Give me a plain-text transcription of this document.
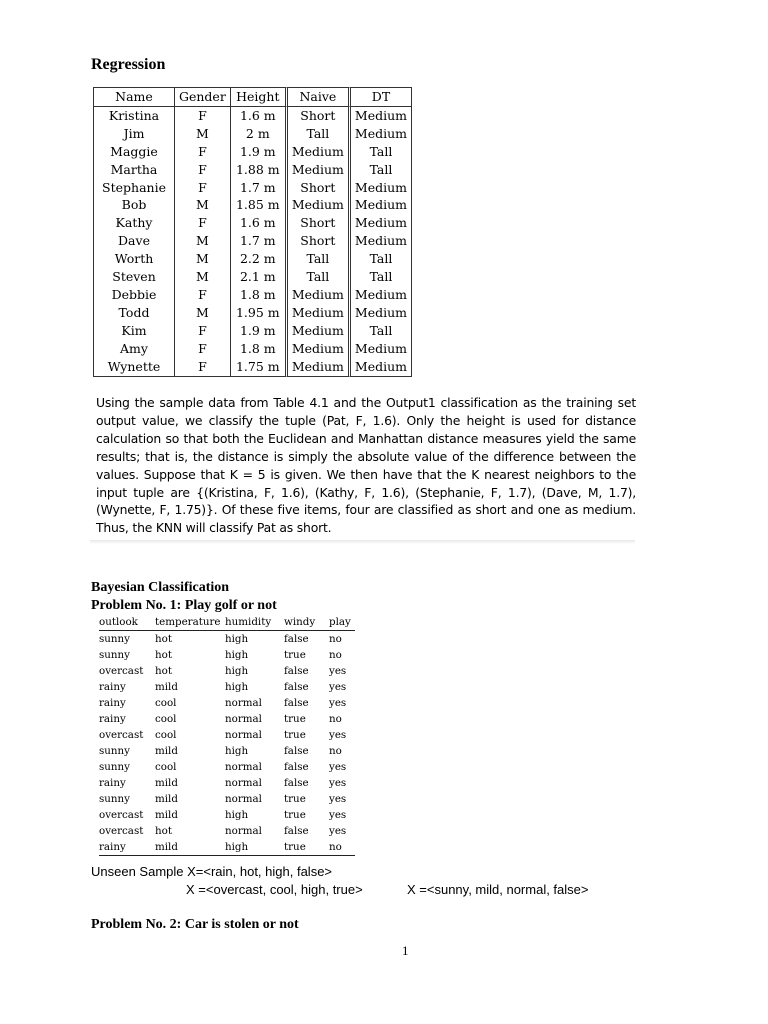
Regression
Name	Gender	Height	Naive	DT
Kristina	F	1.6 m	Short	Medium
Jim	M	2 m	Tall	Medium
Maggie	F	1.9 m	Medium	Tall
Martha	F	1.88 m	Medium	Tall
Stephanie	F	1.7 m	Short	Medium
Bob	M	1.85 m	Medium	Medium
Kathy	F	1.6 m	Short	Medium
Dave	M	1.7 m	Short	Medium
Worth	M	2.2 m	Tall	Tall
Steven	M	2.1 m	Tall	Tall
Debbie	F	1.8 m	Medium	Medium
Todd	M	1.95 m	Medium	Medium
Kim	F	1.9 m	Medium	Tall
Amy	F	1.8 m	Medium	Medium
Wynette	F	1.75 m	Medium	Medium
Using the sample data from Table 4.1 and the Output1 classification as the training set output value, we classify the tuple (Pat, F, 1.6). Only the height is used for distance calculation so that both the Euclidean and Manhattan distance measures yield the same results; that is, the distance is simply the absolute value of the difference between the values. Suppose that K = 5 is given. We then have that the K nearest neighbors to the input tuple are {(Kristina, F, 1.6), (Kathy, F, 1.6), (Stephanie, F, 1.7), (Dave, M, 1.7), (Wynette, F, 1.75)}. Of these five items, four are classified as short and one as medium. Thus, the KNN will classify Pat as short.
Bayesian Classification
Problem No. 1: Play golf or not
outlook	temperature	humidity	windy	play
sunny	hot	high	false	no
sunny	hot	high	true	no
overcast	hot	high	false	yes
rainy	mild	high	false	yes
rainy	cool	normal	false	yes
rainy	cool	normal	true	no
overcast	cool	normal	true	yes
sunny	mild	high	false	no
sunny	cool	normal	false	yes
rainy	mild	normal	false	yes
sunny	mild	normal	true	yes
overcast	mild	high	true	yes
overcast	hot	normal	false	yes
rainy	mild	high	true	no
Unseen Sample X=<rain, hot, high, false>
X =<overcast, cool, high, true>	X =<sunny, mild, normal, false>
Problem No. 2: Car is stolen or not
1
